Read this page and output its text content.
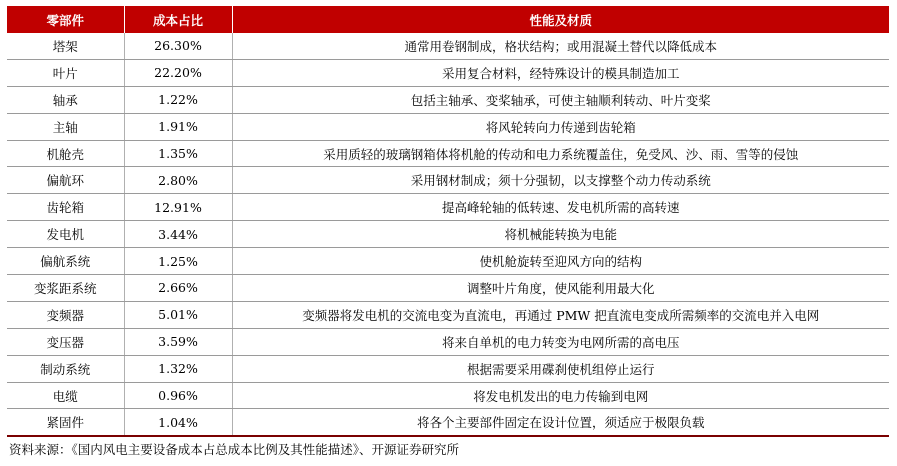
零部件	成本占比	性能及材质
塔架	26.30%	通常用卷钢制成，格状结构；或用混凝土替代以降低成本
叶片	22.20%	采用复合材料，经特殊设计的模具制造加工
轴承	1.22%	包括主轴承、变桨轴承，可使主轴顺利转动、叶片变桨
主轴	1.91%	将风轮转向力传递到齿轮箱
机舱壳	1.35%	采用质轻的玻璃钢箱体将机舱的传动和电力系统覆盖住，免受风、沙、雨、雪等的侵蚀
偏航环	2.80%	采用钢材制成；须十分强韧，以支撑整个动力传动系统
齿轮箱	12.91%	提高峰轮轴的低转速、发电机所需的高转速
发电机	3.44%	将机械能转换为电能
偏航系统	1.25%	使机舱旋转至迎风方向的结构
变浆距系统	2.66%	调整叶片角度，使风能利用最大化
变频器	5.01%	变频器将发电机的交流电变为直流电，再通过 PMW 把直流电变成所需频率的交流电并入电网
变压器	3.59%	将来自单机的电力转变为电网所需的高电压
制动系统	1.32%	根据需要采用碟刹使机组停止运行
电缆	0.96%	将发电机发出的电力传输到电网
紧固件	1.04%	将各个主要部件固定在设计位置，须适应于极限负载
资料来源：《国内风电主要设备成本占总成本比例及其性能描述》、开源证券研究所
